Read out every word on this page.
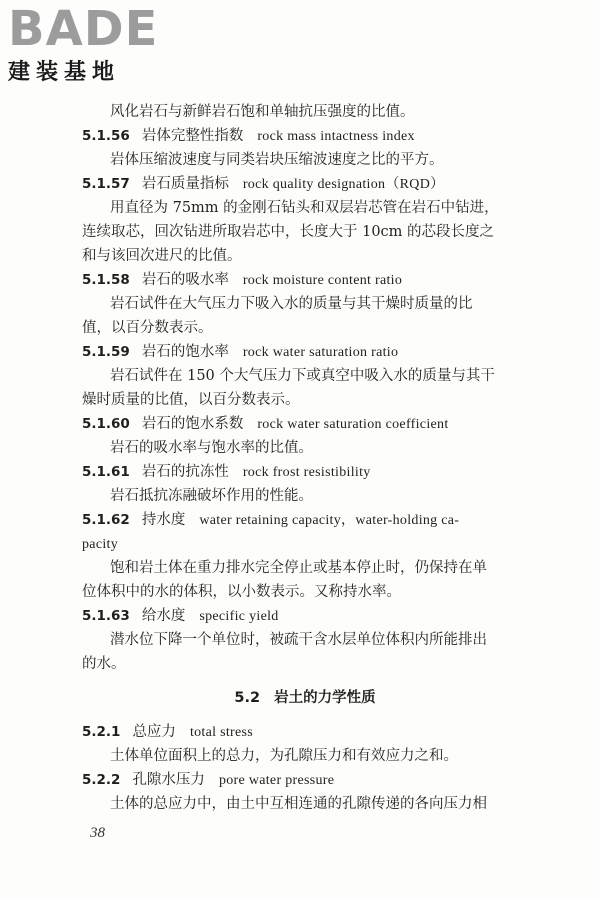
BADE
建装基地
风化岩石与新鲜岩石饱和单轴抗压强度的比值。
5.1.56 岩体完整性指数 rock mass intactness index
岩体压缩波速度与同类岩块压缩波速度之比的平方。
5.1.57 岩石质量指标 rock quality designation（RQD）
用直径为 75mm 的金刚石钻头和双层岩芯管在岩石中钻进，
连续取芯，回次钻进所取岩芯中，长度大于 10cm 的芯段长度之
和与该回次进尺的比值。
5.1.58 岩石的吸水率 rock moisture content ratio
岩石试件在大气压力下吸入水的质量与其干燥时质量的比
值，以百分数表示。
5.1.59 岩石的饱水率 rock water saturation ratio
岩石试件在 150 个大气压力下或真空中吸入水的质量与其干
燥时质量的比值，以百分数表示。
5.1.60 岩石的饱水系数 rock water saturation coefficient
岩石的吸水率与饱水率的比值。
5.1.61 岩石的抗冻性 rock frost resistibility
岩石抵抗冻融破坏作用的性能。
5.1.62 持水度 water retaining capacity，water-holding ca-
pacity
饱和岩土体在重力排水完全停止或基本停止时，仍保持在单
位体积中的水的体积，以小数表示。又称持水率。
5.1.63 给水度 specific yield
潜水位下降一个单位时，被疏干含水层单位体积内所能排出
的水。
5.2 岩土的力学性质
5.2.1 总应力 total stress
土体单位面积上的总力，为孔隙压力和有效应力之和。
5.2.2 孔隙水压力 pore water pressure
土体的总应力中，由土中互相连通的孔隙传递的各向压力相
38
